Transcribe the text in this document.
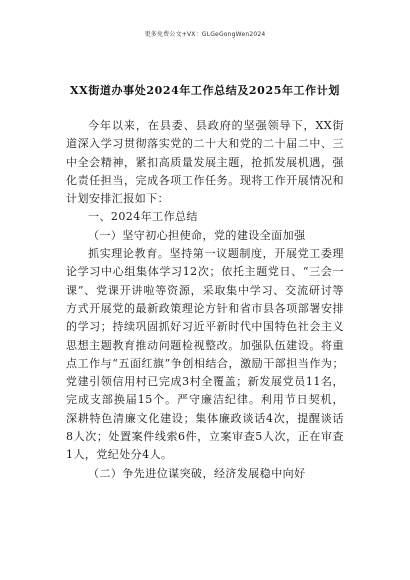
更多免费公文+VX：GLGeGongWen2024
XX街道办事处2024年工作总结及2025年工作计划

今年以来，在县委、县政府的坚强领导下，XX街道深入学习贯彻落实党的二十大和党的二十届二中、三中全会精神，紧扣高质量发展主题，抢抓发展机遇，强化责任担当，完成各项工作任务。现将工作开展情况和计划安排汇报如下：

一、2024年工作总结

（一）坚守初心担使命，党的建设全面加强

抓实理论教育。坚持第一议题制度，开展党工委理论学习中心组集体学习12次；依托主题党日、“三会一课”、党课开讲啦等资源，采取集中学习、交流研讨等方式开展党的最新政策理论方针和省市县各项部署安排的学习；持续巩固抓好习近平新时代中国特色社会主义思想主题教育推动问题检视整改。加强队伍建设。将重点工作与“五面红旗”争创相结合，激励干部担当作为；党建引领信用村已完成3村全覆盖；新发展党员11名，完成支部换届15个。严守廉洁纪律。利用节日契机，深耕特色清廉文化建设；集体廉政谈话4次，提醒谈话8人次；处置案件线索6件，立案审查5人次，正在审查1人，党纪处分4人。

（二）争先进位谋突破，经济发展稳中向好
